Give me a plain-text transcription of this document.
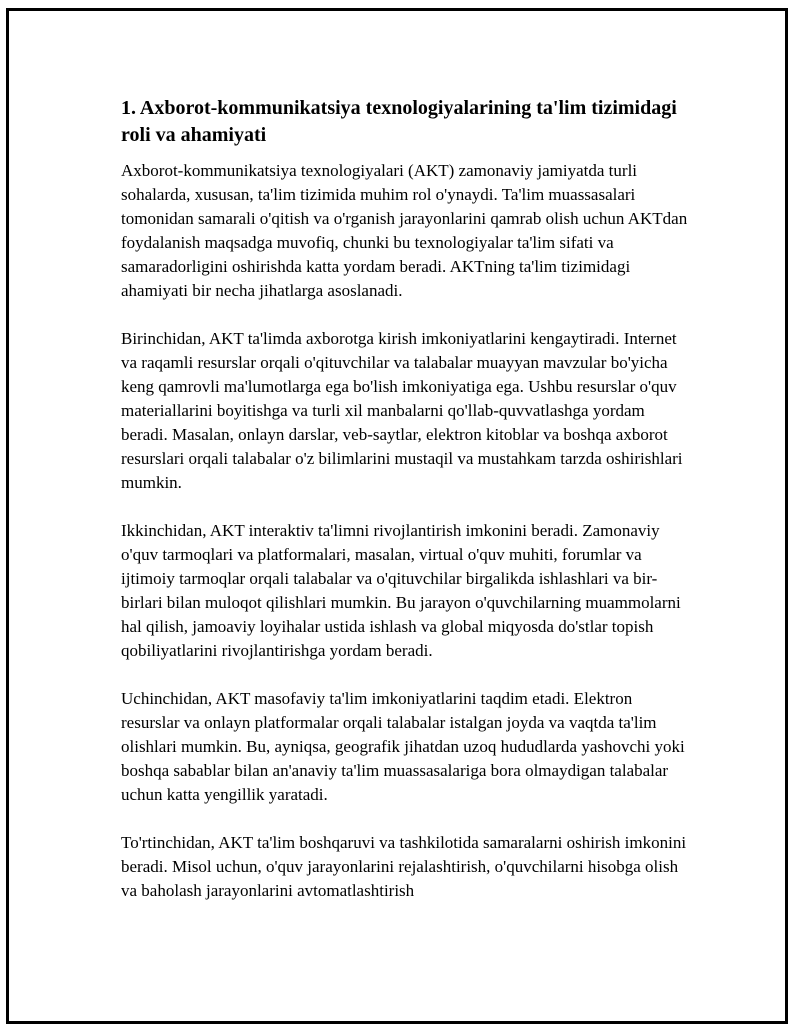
1. Axborot-kommunikatsiya texnologiyalarining ta'lim tizimidagi roli va ahamiyati

Axborot-kommunikatsiya texnologiyalari (AKT) zamonaviy jamiyatda turli sohalarda, xususan, ta'lim tizimida muhim rol o'ynaydi. Ta'lim muassasalari tomonidan samarali o'qitish va o'rganish jarayonlarini qamrab olish uchun AKTdan foydalanish maqsadga muvofiq, chunki bu texnologiyalar ta'lim sifati va samaradorligini oshirishda katta yordam beradi. AKTning ta'lim tizimidagi ahamiyati bir necha jihatlarga asoslanadi.

Birinchidan, AKT ta'limda axborotga kirish imkoniyatlarini kengaytiradi. Internet va raqamli resurslar orqali o'qituvchilar va talabalar muayyan mavzular bo'yicha keng qamrovli ma'lumotlarga ega bo'lish imkoniyatiga ega. Ushbu resurslar o'quv materiallarini boyitishga va turli xil manbalarni qo'llab-quvvatlashga yordam beradi. Masalan, onlayn darslar, veb-saytlar, elektron kitoblar va boshqa axborot resurslari orqali talabalar o'z bilimlarini mustaqil va mustahkam tarzda oshirishlari mumkin.

Ikkinchidan, AKT interaktiv ta'limni rivojlantirish imkonini beradi. Zamonaviy o'quv tarmoqlari va platformalari, masalan, virtual o'quv muhiti, forumlar va ijtimoiy tarmoqlar orqali talabalar va o'qituvchilar birgalikda ishlashlari va bir-birlari bilan muloqot qilishlari mumkin. Bu jarayon o'quvchilarning muammolarni hal qilish, jamoaviy loyihalar ustida ishlash va global miqyosda do'stlar topish qobiliyatlarini rivojlantirishga yordam beradi.

Uchinchidan, AKT masofaviy ta'lim imkoniyatlarini taqdim etadi. Elektron resurslar va onlayn platformalar orqali talabalar istalgan joyda va vaqtda ta'lim olishlari mumkin. Bu, ayniqsa, geografik jihatdan uzoq hududlarda yashovchi yoki boshqa sabablar bilan an'anaviy ta'lim muassasalariga bora olmaydigan talabalar uchun katta yengillik yaratadi.

To'rtinchidan, AKT ta'lim boshqaruvi va tashkilotida samaralarni oshirish imkonini beradi. Misol uchun, o'quv jarayonlarini rejalashtirish, o'quvchilarni hisobga olish va baholash jarayonlarini avtomatlashtirish
